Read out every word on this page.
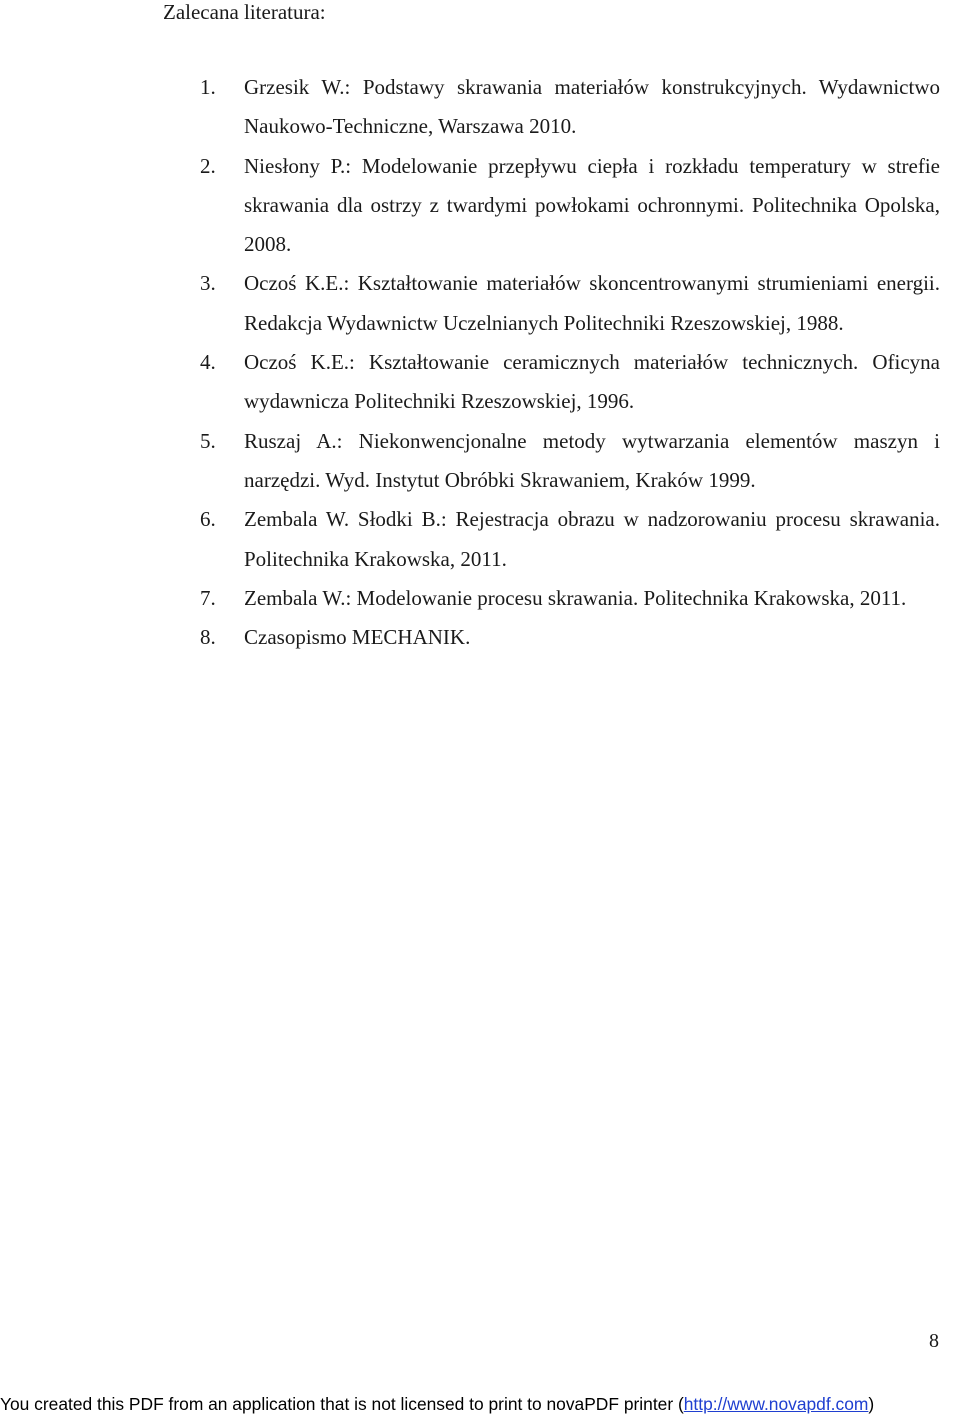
Zalecana literatura:
1. Grzesik W.: Podstawy skrawania materiałów konstrukcyjnych. Wydawnictwo Naukowo-Techniczne, Warszawa 2010.
2. Niesłony P.: Modelowanie przepływu ciepła i rozkładu temperatury w strefie skrawania dla ostrzy z twardymi powłokami ochronnymi. Politechnika Opolska, 2008.
3. Oczoś K.E.: Kształtowanie materiałów skoncentrowanymi strumieniami energii. Redakcja Wydawnictw Uczelnianych Politechniki Rzeszowskiej, 1988.
4. Oczoś K.E.: Kształtowanie ceramicznych materiałów technicznych. Oficyna wydawnicza Politechniki Rzeszowskiej, 1996.
5. Ruszaj A.: Niekonwencjonalne metody wytwarzania elementów maszyn i narzędzi. Wyd. Instytut Obróbki Skrawaniem, Kraków 1999.
6. Zembala W. Słodki B.: Rejestracja obrazu w nadzorowaniu procesu skrawania. Politechnika Krakowska, 2011.
7. Zembala W.: Modelowanie procesu skrawania. Politechnika Krakowska, 2011.
8. Czasopismo MECHANIK.
8
You created this PDF from an application that is not licensed to print to novaPDF printer (http://www.novapdf.com)
